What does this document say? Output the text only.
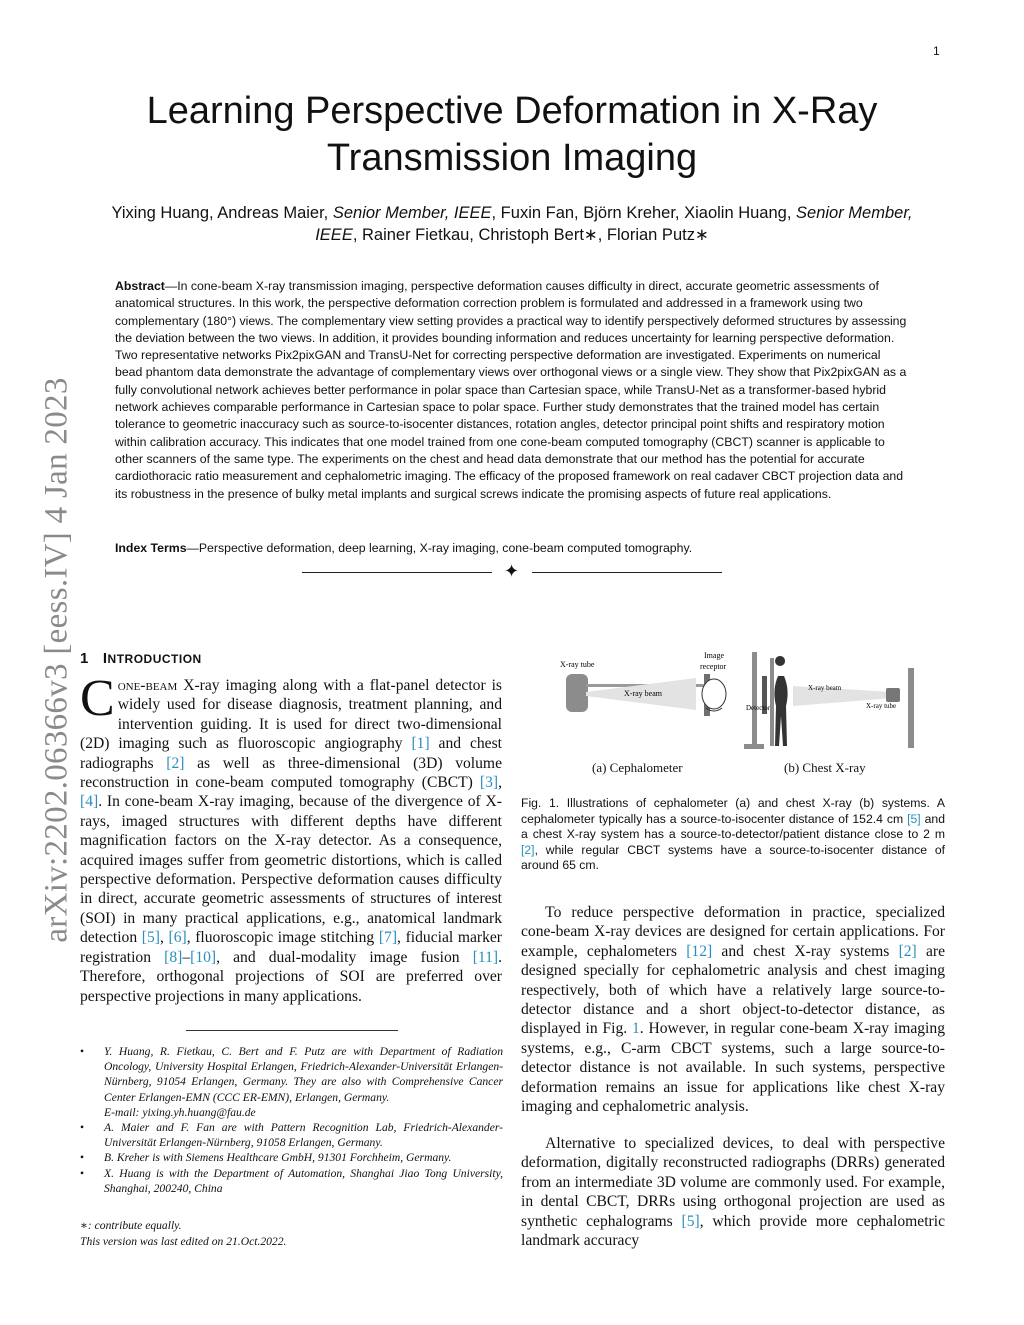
1
Learning Perspective Deformation in X-Ray Transmission Imaging
Yixing Huang, Andreas Maier, Senior Member, IEEE, Fuxin Fan, Björn Kreher, Xiaolin Huang, Senior Member, IEEE, Rainer Fietkau, Christoph Bert∗, Florian Putz∗

Abstract—In cone-beam X-ray transmission imaging, perspective deformation causes difficulty in direct, accurate geometric assessments of anatomical structures. In this work, the perspective deformation correction problem is formulated and addressed in a framework using two complementary (180°) views. The complementary view setting provides a practical way to identify perspectively deformed structures by assessing the deviation between the two views. In addition, it provides bounding information and reduces uncertainty for learning perspective deformation. Two representative networks Pix2pixGAN and TransU-Net for correcting perspective deformation are investigated. Experiments on numerical bead phantom data demonstrate the advantage of complementary views over orthogonal views or a single view. They show that Pix2pixGAN as a fully convolutional network achieves better performance in polar space than Cartesian space, while TransU-Net as a transformer-based hybrid network achieves comparable performance in Cartesian space to polar space. Further study demonstrates that the trained model has certain tolerance to geometric inaccuracy such as source-to-isocenter distances, rotation angles, detector principal point shifts and respiratory motion within calibration accuracy. This indicates that one model trained from one cone-beam computed tomography (CBCT) scanner is applicable to other scanners of the same type. The experiments on the chest and head data demonstrate that our method has the potential for accurate cardiothoracic ratio measurement and cephalometric imaging. The efficacy of the proposed framework on real cadaver CBCT projection data and its robustness in the presence of bulky metal implants and surgical screws indicate the promising aspects of future real applications.

Index Terms—Perspective deformation, deep learning, X-ray imaging, cone-beam computed tomography.

✦
arXiv:2202.06366v3 [eess.IV] 4 Jan 2023 1 INTRODUCTION

Cone-beam X-ray imaging along with a flat-panel detector is widely used for disease diagnosis, treatment planning, and intervention guiding. It is used for direct two-dimensional (2D) imaging such as fluoroscopic angiography [1] and chest radiographs [2] as well as three-dimensional (3D) volume reconstruction in cone-beam computed tomography (CBCT) [3], [4]. In cone-beam X-ray imaging, because of the divergence of X-rays, imaged structures with different depths have different magnification factors on the X-ray detector. As a consequence, acquired images suffer from geometric distortions, which is called perspective deformation. Perspective deformation causes difficulty in direct, accurate geometric assessments of structures of interest (SOI) in many practical applications, e.g., anatomical landmark detection [5], [6], fluoroscopic image stitching [7], fiducial marker registration [8]–[10], and dual-modality image fusion [11]. Therefore, orthogonal projections of SOI are preferred over perspective projections in many applications.

• Y. Huang, R. Fietkau, C. Bert and F. Putz are with Department of Radiation Oncology, University Hospital Erlangen, Friedrich-Alexander-Universität Erlangen-Nürnberg, 91054 Erlangen, Germany. They are also with Comprehensive Cancer Center Erlangen-EMN (CCC ER-EMN), Erlangen, Germany.
E-mail: yixing.yh.huang@fau.de
• A. Maier and F. Fan are with Pattern Recognition Lab, Friedrich-Alexander-Universität Erlangen-Nürnberg, 91058 Erlangen, Germany.
• B. Kreher is with Siemens Healthcare GmbH, 91301 Forchheim, Germany.
• X. Huang is with the Department of Automation, Shanghai Jiao Tong University, Shanghai, 200240, China
∗: contribute equally.
This version was last edited on 21.Oct.2022.
X-ray tube
Image
receptor
X-ray beam
Detector
X-ray beam
X-ray tube
(a) Cephalometer	(b) Chest X-ray

Fig. 1. Illustrations of cephalometer (a) and chest X-ray (b) systems. A cephalometer typically has a source-to-isocenter distance of 152.4 cm [5] and a chest X-ray system has a source-to-detector/patient distance close to 2 m [2], while regular CBCT systems have a source-to-isocenter distance of around 65 cm.

To reduce perspective deformation in practice, specialized cone-beam X-ray devices are designed for certain applications. For example, cephalometers [12] and chest X-ray systems [2] are designed specially for cephalometric analysis and chest imaging respectively, both of which have a relatively large source-to-detector distance and a short object-to-detector distance, as displayed in Fig. 1. However, in regular cone-beam X-ray imaging systems, e.g., C-arm CBCT systems, such a large source-to-detector distance is not available. In such systems, perspective deformation remains an issue for applications like chest X-ray imaging and cephalometric analysis.

Alternative to specialized devices, to deal with perspective deformation, digitally reconstructed radiographs (DRRs) generated from an intermediate 3D volume are commonly used. For example, in dental CBCT, DRRs using orthogonal projection are used as synthetic cephalograms [5], which provide more cephalometric landmark accuracy
